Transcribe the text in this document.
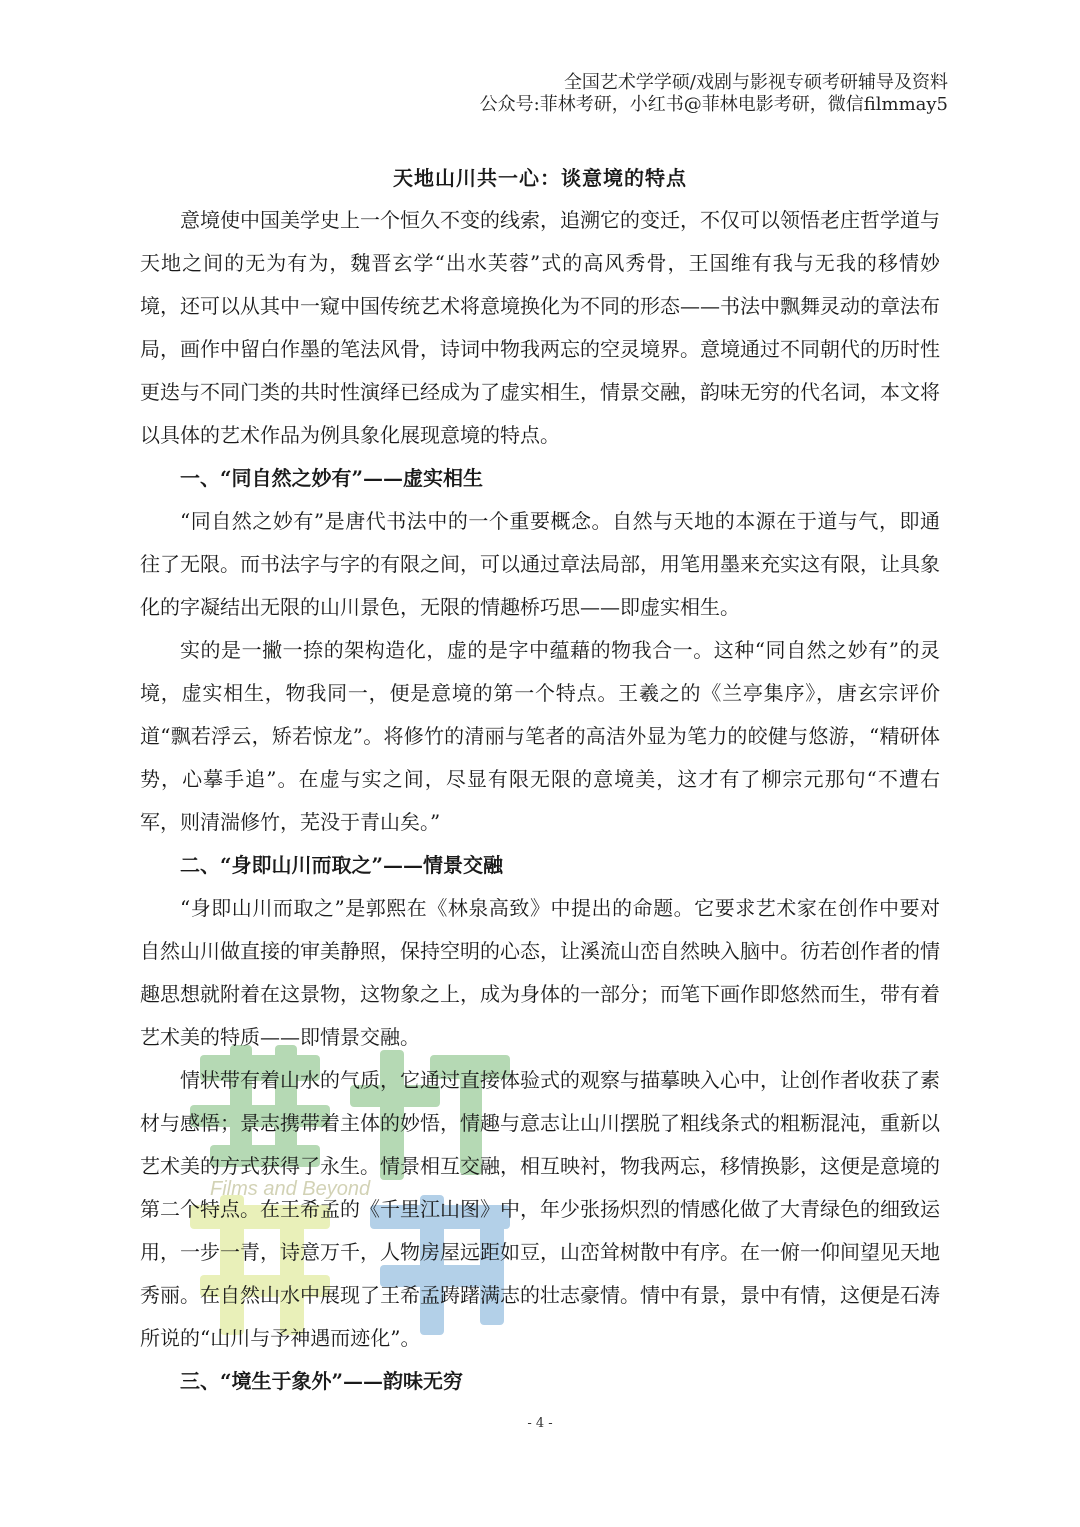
全国艺术学学硕/戏剧与影视专硕考研辅导及资料
公众号:菲林考研，小红书@菲林电影考研，微信filmmay5
天地山川共一心：谈意境的特点
Films and Beyond

意境使中国美学史上一个恒久不变的线索，追溯它的变迁，不仅可以领悟老庄哲学道与天地之间的无为有为，魏晋玄学“出水芙蓉”式的高风秀骨，王国维有我与无我的移情妙境，还可以从其中一窥中国传统艺术将意境换化为不同的形态——书法中飘舞灵动的章法布局，画作中留白作墨的笔法风骨，诗词中物我两忘的空灵境界。意境通过不同朝代的历时性更迭与不同门类的共时性演绎已经成为了虚实相生，情景交融，韵味无穷的代名词，本文将以具体的艺术作品为例具象化展现意境的特点。

一、“同自然之妙有”——虚实相生

“同自然之妙有”是唐代书法中的一个重要概念。自然与天地的本源在于道与气，即通往了无限。而书法字与字的有限之间，可以通过章法局部，用笔用墨来充实这有限，让具象化的字凝结出无限的山川景色，无限的情趣桥巧思——即虚实相生。

实的是一撇一捺的架构造化，虚的是字中蕴藉的物我合一。这种“同自然之妙有”的灵境，虚实相生，物我同一，便是意境的第一个特点。王羲之的《兰亭集序》，唐玄宗评价道“飘若浮云，矫若惊龙”。将修竹的清丽与笔者的高洁外显为笔力的皎健与悠游，“精研体势，心摹手追”。在虚与实之间，尽显有限无限的意境美，这才有了柳宗元那句“不遭右军，则清湍修竹，芜没于青山矣。”

二、“身即山川而取之”——情景交融

“身即山川而取之”是郭熙在《林泉高致》中提出的命题。它要求艺术家在创作中要对自然山川做直接的审美静照，保持空明的心态，让溪流山峦自然映入脑中。彷若创作者的情趣思想就附着在这景物，这物象之上，成为身体的一部分；而笔下画作即悠然而生，带有着艺术美的特质——即情景交融。

情状带有着山水的气质，它通过直接体验式的观察与描摹映入心中，让创作者收获了素材与感悟；景志携带着主体的妙悟，情趣与意志让山川摆脱了粗线条式的粗粝混沌，重新以艺术美的方式获得了永生。情景相互交融，相互映衬，物我两忘，移情换影，这便是意境的第二个特点。在王希孟的《千里江山图》中，年少张扬炽烈的情感化做了大青绿色的细致运用，一步一青，诗意万千，人物房屋远距如豆，山峦耸树散中有序。在一俯一仰间望见天地秀丽。在自然山水中展现了王希孟踌躇满志的壮志豪情。情中有景，景中有情，这便是石涛所说的“山川与予神遇而迹化”。

三、“境生于象外”——韵味无穷
- 4 -
